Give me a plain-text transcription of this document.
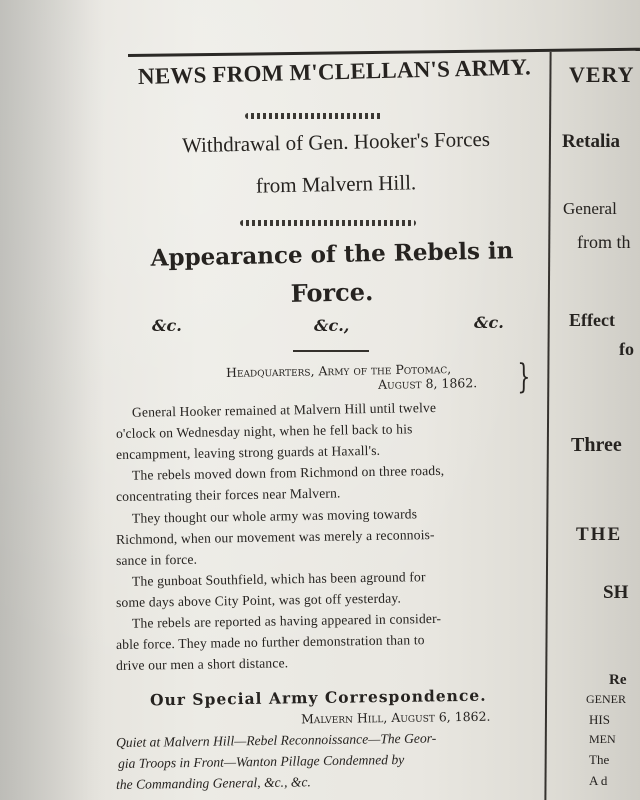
NEWS FROM M'CLELLAN'S ARMY.
Withdrawal of Gen. Hooker's Forces
from Malvern Hill.
Appearance of the Rebels in
Force.
&c.	&c.,	&c.
Headquarters, Army of the Potomac,
August 8, 1862. }
General Hooker remained at Malvern Hill until twelve
o'clock on Wednesday night, when he fell back to his
encampment, leaving strong guards at Haxall's.
The rebels moved down from Richmond on three roads,
concentrating their forces near Malvern.
They thought our whole army was moving towards
Richmond, when our movement was merely a reconnois-
sance in force.
The gunboat Southfield, which has been aground for
some days above City Point, was got off yesterday.
The rebels are reported as having appeared in consider-
able force. They made no further demonstration than to
drive our men a short distance.
Our Special Army Correspondence.
Malvern Hill, August 6, 1862.
Quiet at Malvern Hill—Rebel Reconnoissance—The Geor-
gia Troops in Front—Wanton Pillage Condemned by
the Commanding General, &c., &c.
VERY
Retalia
General
from th
Effect
fo
Three
THE
SH
Re
GENER
HIS
MEN
The
A d
